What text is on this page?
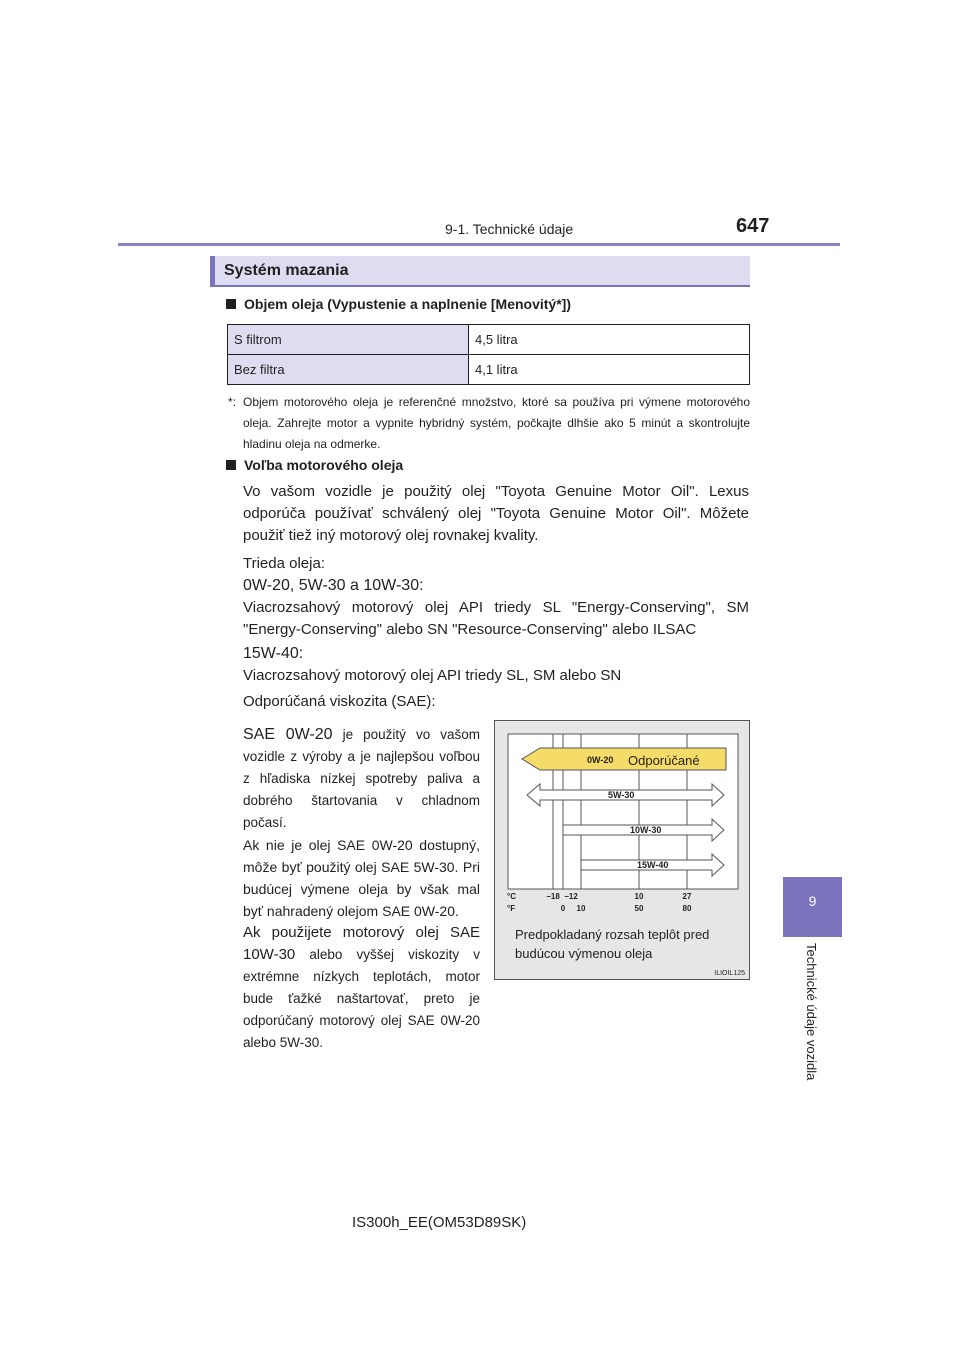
9-1. Technické údaje	647
9
Technické údaje vozidla
Systém mazania
Objem oleja (Vypustenie a naplnenie [Menovitý*])
S filtrom	4,5 litra
Bez filtra	4,1 litra
*: Objem motorového oleja je referenčné množstvo, ktoré sa používa pri výmene motorového oleja. Zahrejte motor a vypnite hybridný systém, počkajte dlhšie ako 5 minút a skontrolujte hladinu oleja na odmerke.
Voľba motorového oleja
Vo vašom vozidle je použitý olej "Toyota Genuine Motor Oil". Lexus odporúča používať schválený olej "Toyota Genuine Motor Oil". Môžete použiť tiež iný motorový olej rovnakej kvality.
Trieda oleja:
0W-20, 5W-30 a 10W-30:
Viacrozsahový motorový olej API triedy SL "Energy-Conserving", SM "Energy-Conserving" alebo SN "Resource-Conserving" alebo ILSAC
15W-40:
Viacrozsahový motorový olej API triedy SL, SM alebo SN
Odporúčaná viskozita (SAE):
SAE 0W-20 je použitý vo vašom vozidle z výroby a je najlepšou voľbou z hľadiska nízkej spotreby paliva a dobrého štartovania v chladnom počasí.
Ak nie je olej SAE 0W-20 dostupný, môže byť použitý olej SAE 5W-30. Pri budúcej výmene oleja by však mal byť nahradený olejom SAE 0W-20.
Ak použijete motorový olej SAE 10W-30 alebo vyššej viskozity v extrémne nízkych teplotách, motor bude ťažké naštartovať, preto je odporúčaný motorový olej SAE 0W-20 alebo 5W-30.
0W-20 Odporúčané
5W-30
10W-30
15W-40
°C
°F
−18 −12	10	27
0 10	50	80
Predpokladaný rozsah teplôt pred
budúcou výmenou oleja
ILIOIL125
IS300h_EE(OM53D89SK)
